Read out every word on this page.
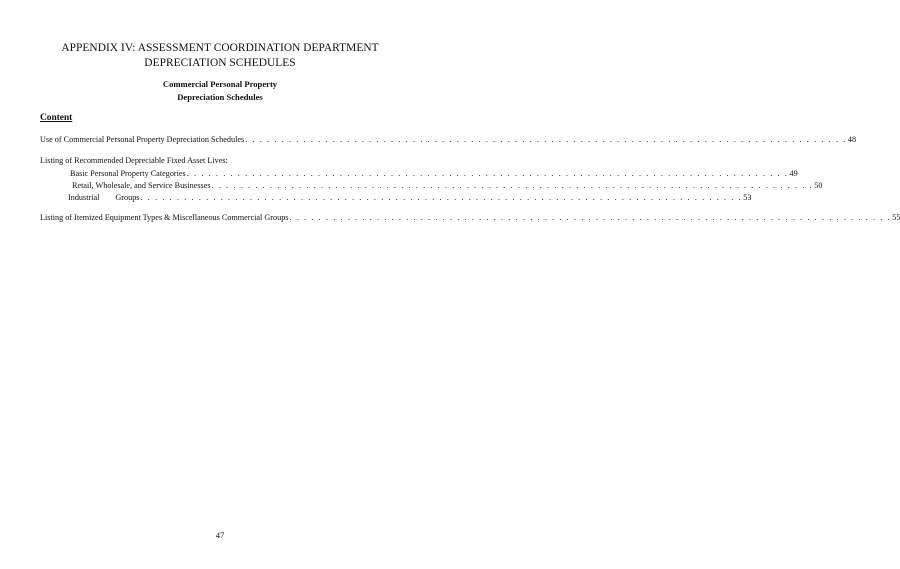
APPENDIX IV: ASSESSMENT COORDINATION DEPARTMENT
DEPRECIATION SCHEDULES
Commercial Personal Property
Depreciation Schedules
Content
Use of Commercial Personal Property Depreciation Schedules . . . . . . . . . . . . . . . . . . . . . . . . . . . . . . . . . . . . . . . . . . . . . . . . . . . . . . . . . . . . . . . . . . . . . . . . . . . . . . . . . . . 48
Listing of Recommended Depreciable Fixed Asset Lives:
Basic Personal Property Categories . . . . . . . . . . . . . . . . . . . . . . . . . . . . . . . . . . . . . . . . . . . . . . . . . . . . . . . . . . . . . . . . . . . . . . . . . . . . . . . . . . . 49
Retail, Wholesale, and Service Businesses . . . . . . . . . . . . . . . . . . . . . . . . . . . . . . . . . . . . . . . . . . . . . . . . . . . . . . . . . . . . . . . . . . . . . . . . . . . . . . . . . . . 50
Industrial Groups . . . . . . . . . . . . . . . . . . . . . . . . . . . . . . . . . . . . . . . . . . . . . . . . . . . . . . . . . . . . . . . . . . . . . . . . . . . . . . . . . . . 53
Listing of Itemized Equipment Types & Miscellaneous Commercial Groups . . . . . . . . . . . . . . . . . . . . . . . . . . . . . . . . . . . . . . . . . . . . . . . . . . . . . . . . . . . . . . . . . . . . . . . . . . . . . . . . . . . 55
47
